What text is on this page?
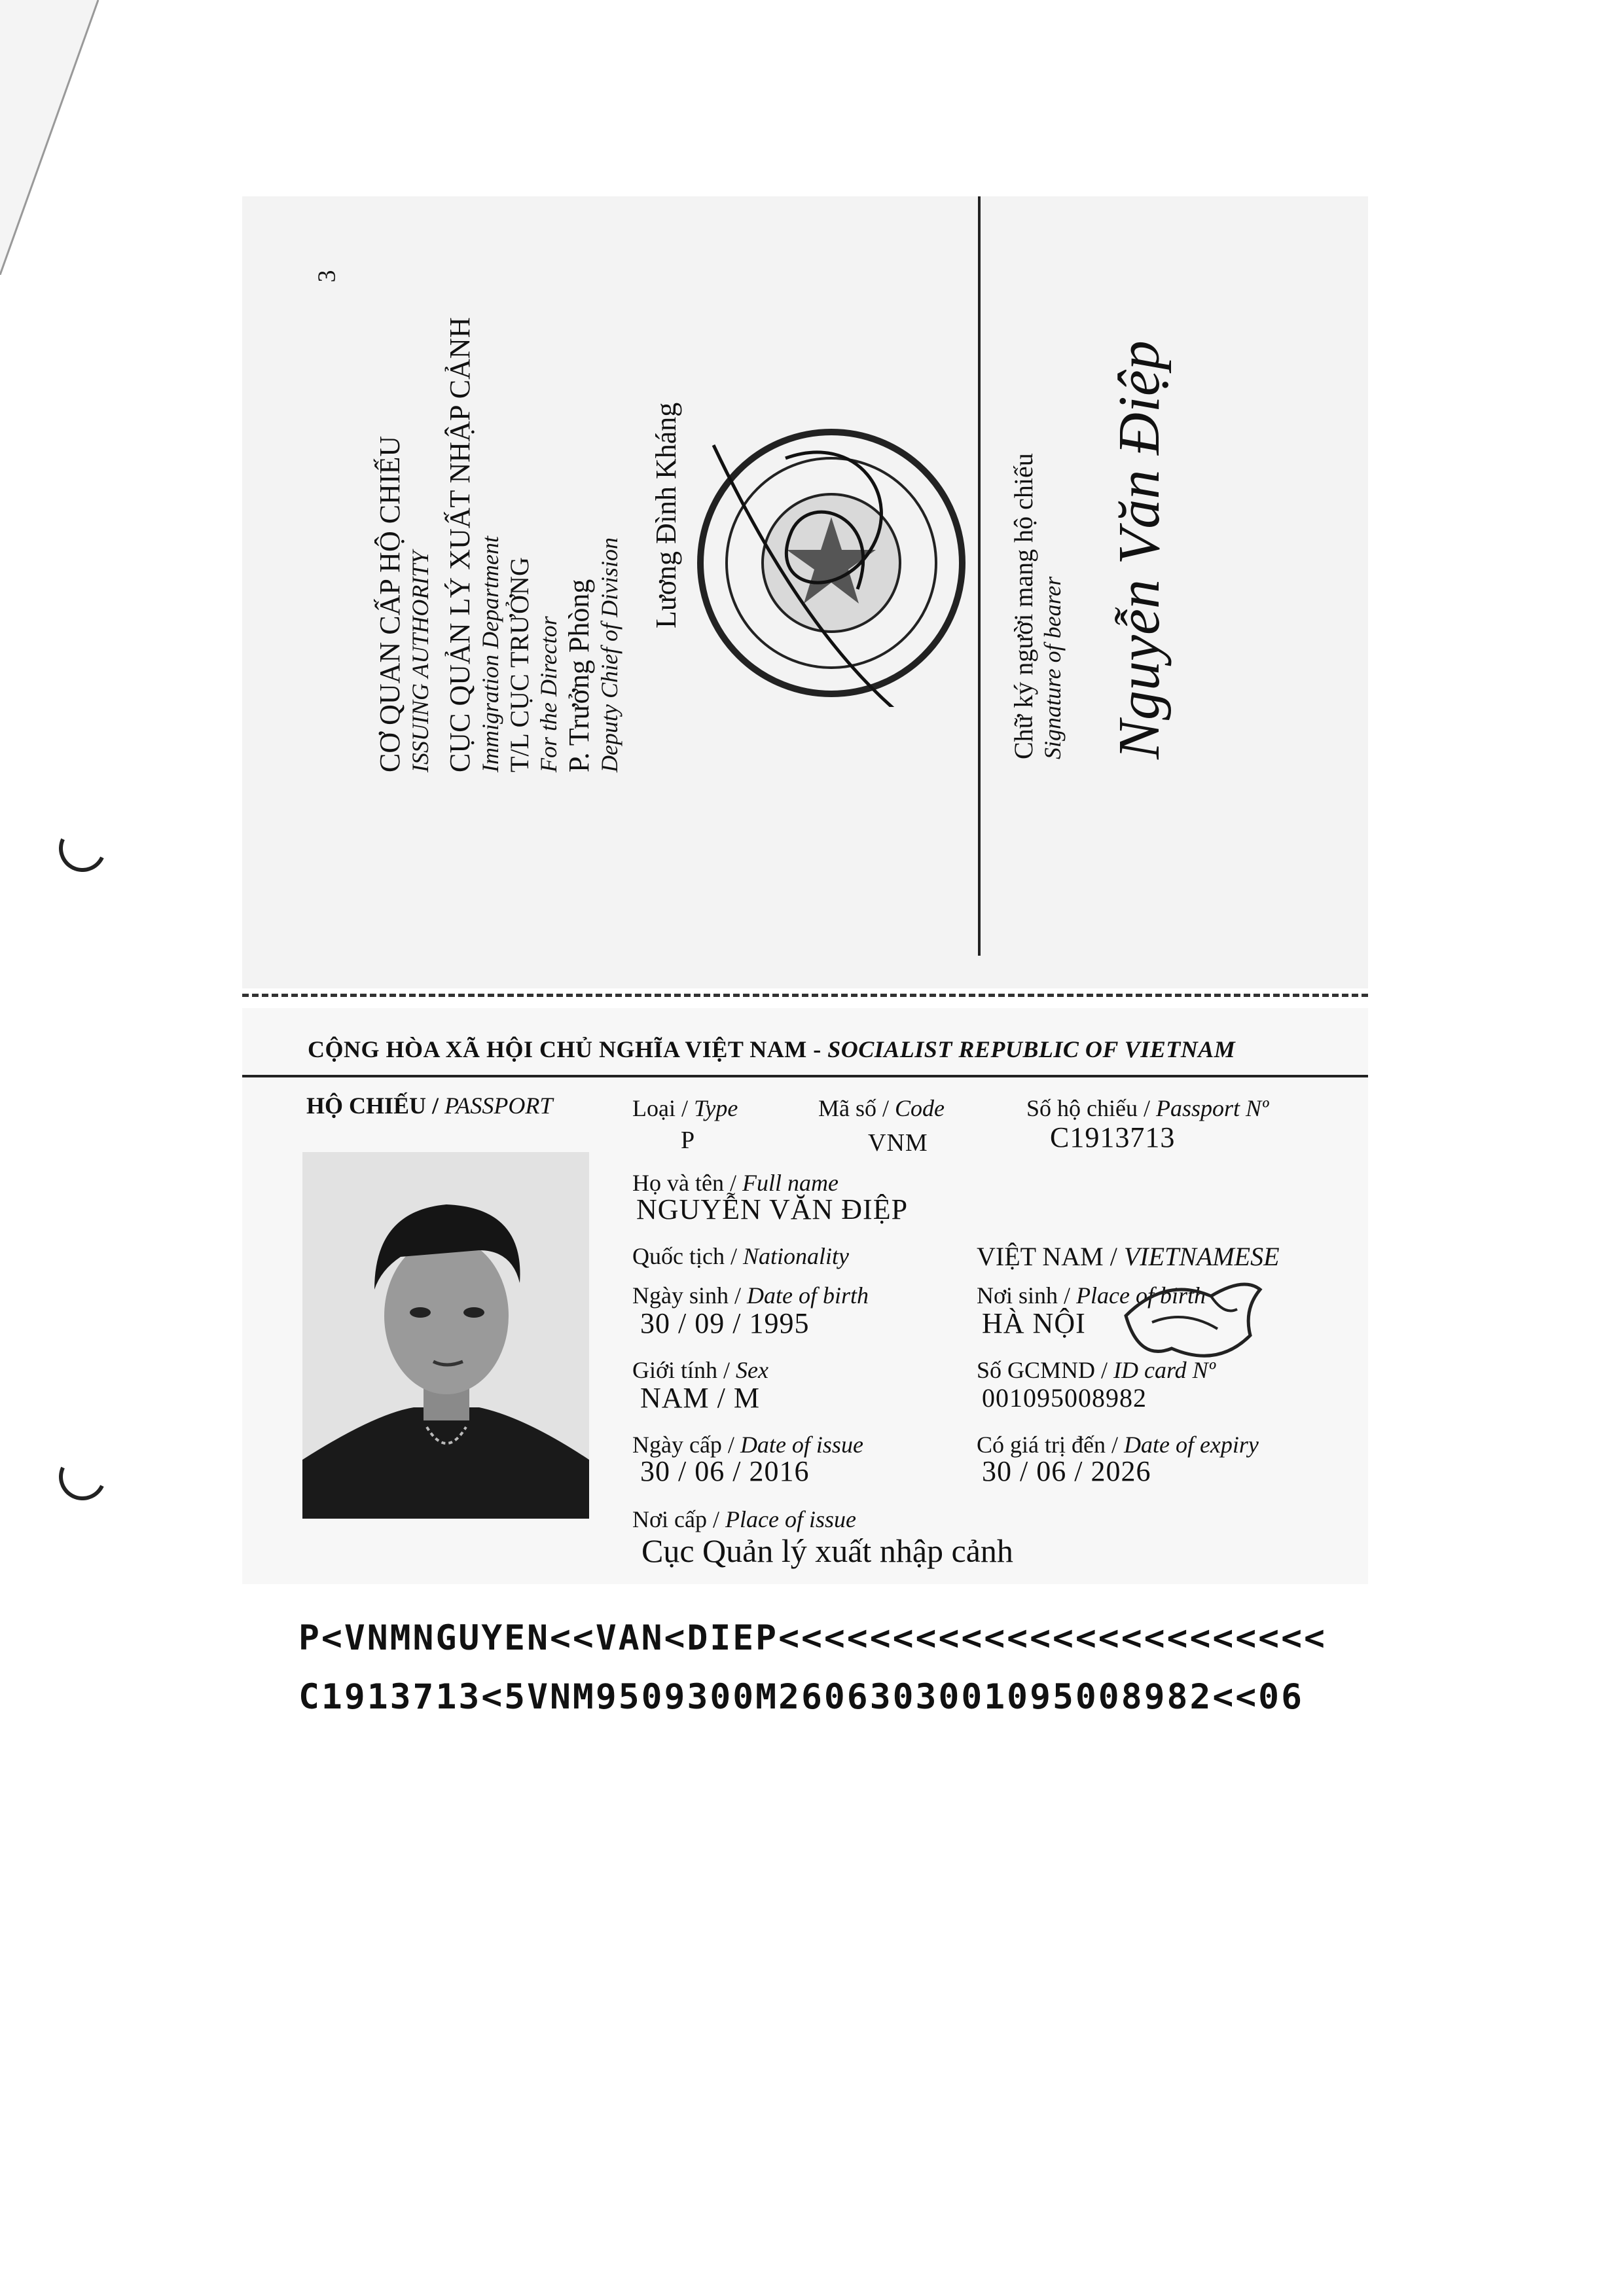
3
CƠ QUAN CẤP HỘ CHIẾU ISSUING AUTHORITY CỤC QUẢN LÝ XUẤT NHẬP CẢNH Immigration Department T/L CỤC TRƯỞNG For the Director P. Trưởng Phòng Deputy Chief of Division
Lương Đình Kháng	Chữ ký người mang hộ chiếu Signature of bearer Nguyễn Văn Điệp
CỘNG HÒA XÃ HỘI CHỦ NGHĨA VIỆT NAM - SOCIALIST REPUBLIC OF VIETNAM
HỘ CHIẾU / PASSPORT	Loại / Type
P
Mã số / Code
VNM
Số hộ chiếu / Passport Nº
C1913713
Họ và tên / Full name
NGUYỄN VĂN ĐIỆP
Quốc tịch / Nationality	VIỆT NAM / VIETNAMESE
Ngày sinh / Date of birth
30 / 09 / 1995
Nơi sinh / Place of birth
HÀ NỘI
Giới tính / Sex
NAM / M
Số GCMND / ID card Nº
001095008982
Ngày cấp / Date of issue
30 / 06 / 2016
Có giá trị đến / Date of expiry
30 / 06 / 2026
Nơi cấp / Place of issue
Cục Quản lý xuất nhập cảnh
P<VNMNGUYEN<<VAN<DIEP<<<<<<<<<<<<<<<<<<<<<<<<
C1913713<5VNM9509300M2606303001095008982<<06
